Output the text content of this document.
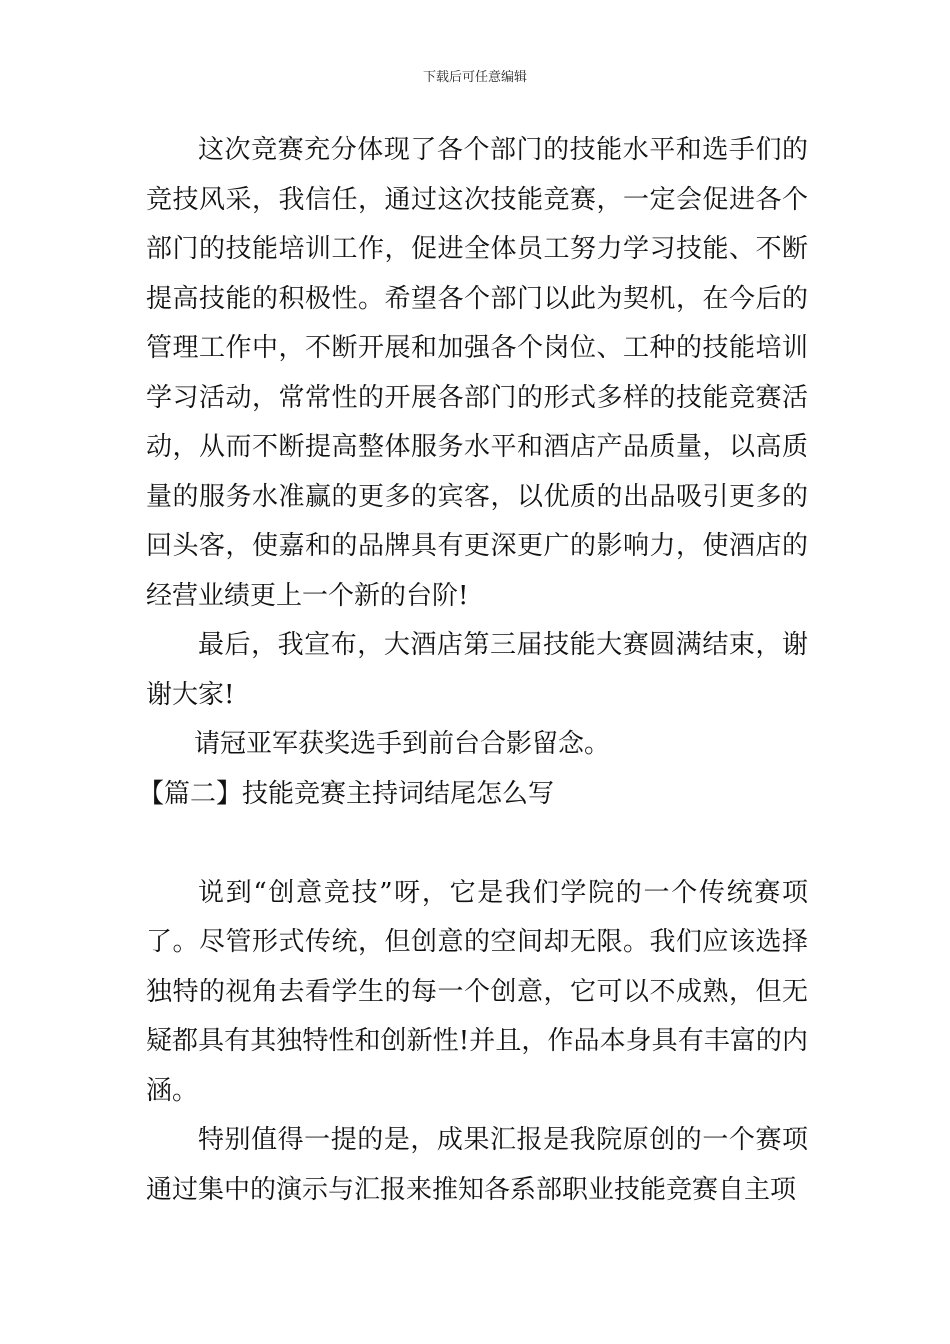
下载后可任意编辑

这次竞赛充分体现了各个部门的技能水平和选手们的竞技风采，我信任，通过这次技能竞赛，一定会促进各个部门的技能培训工作，促进全体员工努力学习技能、不断提高技能的积极性。希望各个部门以此为契机，在今后的管理工作中，不断开展和加强各个岗位、工种的技能培训学习活动，常常性的开展各部门的形式多样的技能竞赛活动，从而不断提高整体服务水平和酒店产品质量，以高质量的服务水准赢的更多的宾客，以优质的出品吸引更多的回头客，使嘉和的品牌具有更深更广的影响力，使酒店的经营业绩更上一个新的台阶!

最后，我宣布，大酒店第三届技能大赛圆满结束，谢谢大家!

请冠亚军获奖选手到前台合影留念。

【篇二】技能竞赛主持词结尾怎么写

说到“创意竞技”呀，它是我们学院的一个传统赛项了。尽管形式传统，但创意的空间却无限。我们应该选择独特的视角去看学生的每一个创意，它可以不成熟，但无疑都具有其独特性和创新性!并且，作品本身具有丰富的内涵。

特别值得一提的是，成果汇报是我院原创的一个赛项通过集中的演示与汇报来推知各系部职业技能竞赛自主项
